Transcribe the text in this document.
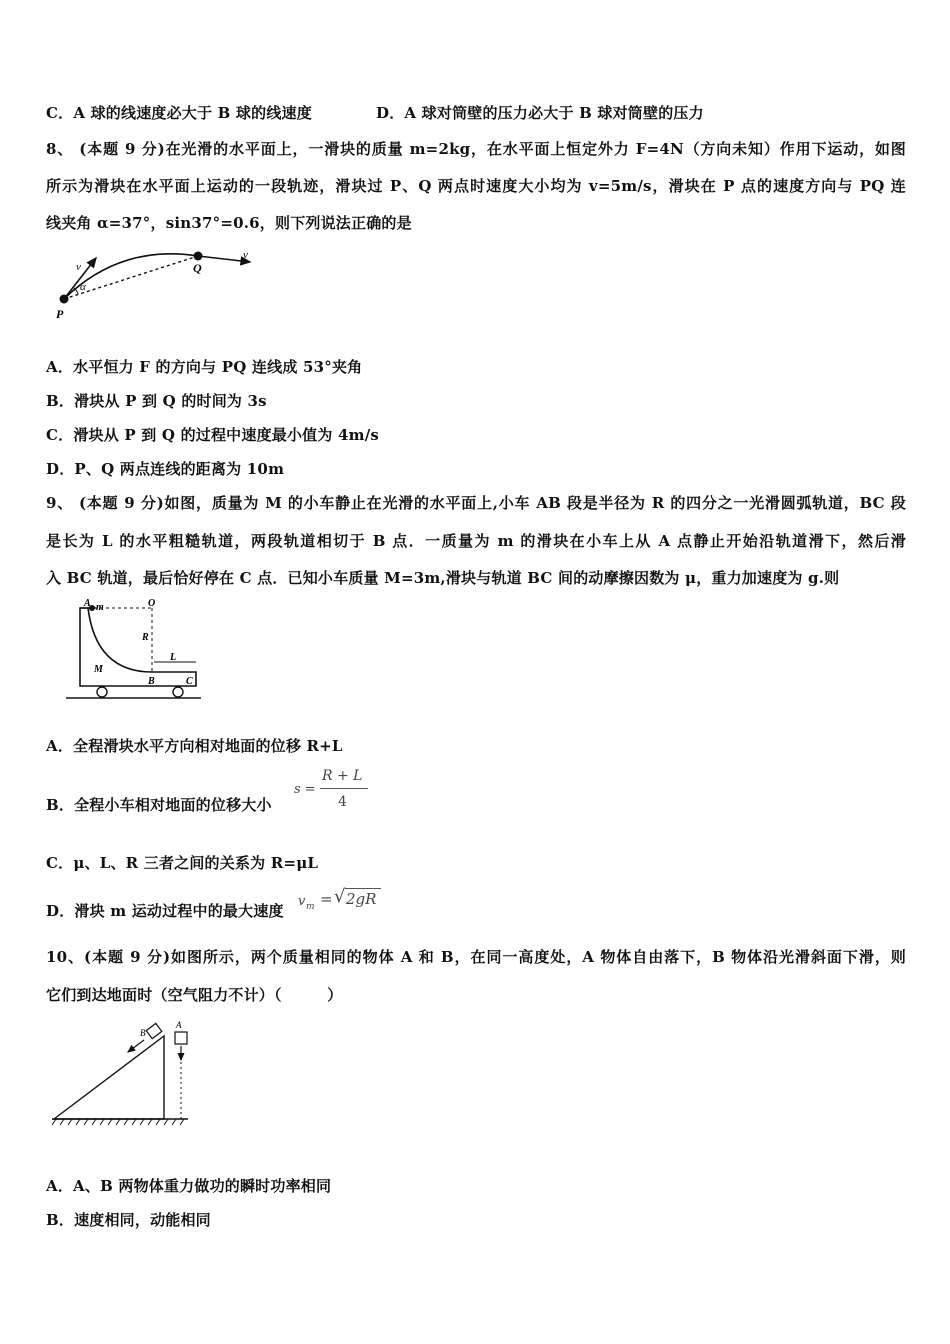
C．A 球的线速度必大于 B 球的线速度	D．A 球对筒壁的压力必大于 B 球对筒壁的压力
8、 (本题 9 分)在光滑的水平面上，一滑块的质量 m=2kg，在水平面上恒定外力 F=4N（方向未知）作用下运动，如图
所示为滑块在水平面上运动的一段轨迹，滑块过 P、Q 两点时速度大小均为 v=5m/s，滑块在 P 点的速度方向与 PQ 连
线夹角 α=37°，sin37°=0.6，则下列说法正确的是
v
α
P
Q
v
A．水平恒力 F 的方向与 PQ 连线成 53°夹角
B．滑块从 P 到 Q 的时间为 3s
C．滑块从 P 到 Q 的过程中速度最小值为 4m/s
D．P、Q 两点连线的距离为 10m
9、 (本题 9 分)如图，质量为 M 的小车静止在光滑的水平面上,小车 AB 段是半径为 R 的四分之一光滑圆弧轨道，BC 段
是长为 L 的水平粗糙轨道，两段轨道相切于 B 点．一质量为 m 的滑块在小车上从 A 点静止开始沿轨道滑下，然后滑
入 BC 轨道，最后恰好停在 C 点．已知小车质量 M=3m,滑块与轨道 BC 间的动摩擦因数为 μ，重力加速度为 g.则
A m	O
R
M
L
B	C
A．全程滑块水平方向相对地面的位移 R+L
B．全程小车相对地面的位移大小
s =
R + L
4
C．μ、L、R 三者之间的关系为 R=μL
D．滑块 m 运动过程中的最大速度
v m = √ 2gR
10、(本题 9 分)如图所示，两个质量相同的物体 A 和 B，在同一高度处，A 物体自由落下，B 物体沿光滑斜面下滑，则
它们到达地面时（空气阻力不计）（　　　）
A
B
A．A、B 两物体重力做功的瞬时功率相同
B．速度相同，动能相同
